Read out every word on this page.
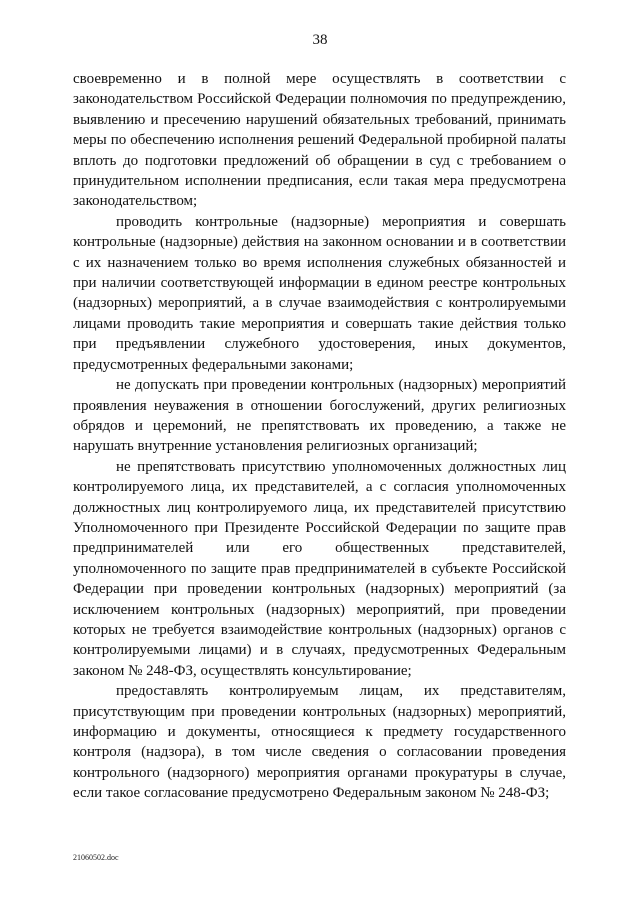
38

своевременно и в полной мере осуществлять в соответствии с законодательством Российской Федерации полномочия по предупреждению, выявлению и пресечению нарушений обязательных требований, принимать меры по обеспечению исполнения решений Федеральной пробирной палаты вплоть до подготовки предложений об обращении в суд с требованием о принудительном исполнении предписания, если такая мера предусмотрена законодательством;

проводить контрольные (надзорные) мероприятия и совершать контрольные (надзорные) действия на законном основании и в соответствии с их назначением только во время исполнения служебных обязанностей и при наличии соответствующей информации в едином реестре контрольных (надзорных) мероприятий, а в случае взаимодействия с контролируемыми лицами проводить такие мероприятия и совершать такие действия только при предъявлении служебного удостоверения, иных документов, предусмотренных федеральными законами;

не допускать при проведении контрольных (надзорных) мероприятий проявления неуважения в отношении богослужений, других религиозных обрядов и церемоний, не препятствовать их проведению, а также не нарушать внутренние установления религиозных организаций;

не препятствовать присутствию уполномоченных должностных лиц контролируемого лица, их представителей, а с согласия уполномоченных должностных лиц контролируемого лица, их представителей присутствию Уполномоченного при Президенте Российской Федерации по защите прав предпринимателей или его общественных представителей, уполномоченного по защите прав предпринимателей в субъекте Российской Федерации при проведении контрольных (надзорных) мероприятий (за исключением контрольных (надзорных) мероприятий, при проведении которых не требуется взаимодействие контрольных (надзорных) органов с контролируемыми лицами) и в случаях, предусмотренных Федеральным законом № 248-ФЗ, осуществлять консультирование;

предоставлять контролируемым лицам, их представителям, присутствующим при проведении контрольных (надзорных) мероприятий, информацию и документы, относящиеся к предмету государственного контроля (надзора), в том числе сведения о согласовании проведения контрольного (надзорного) мероприятия органами прокуратуры в случае, если такое согласование предусмотрено Федеральным законом № 248-ФЗ;

21060502.doc
